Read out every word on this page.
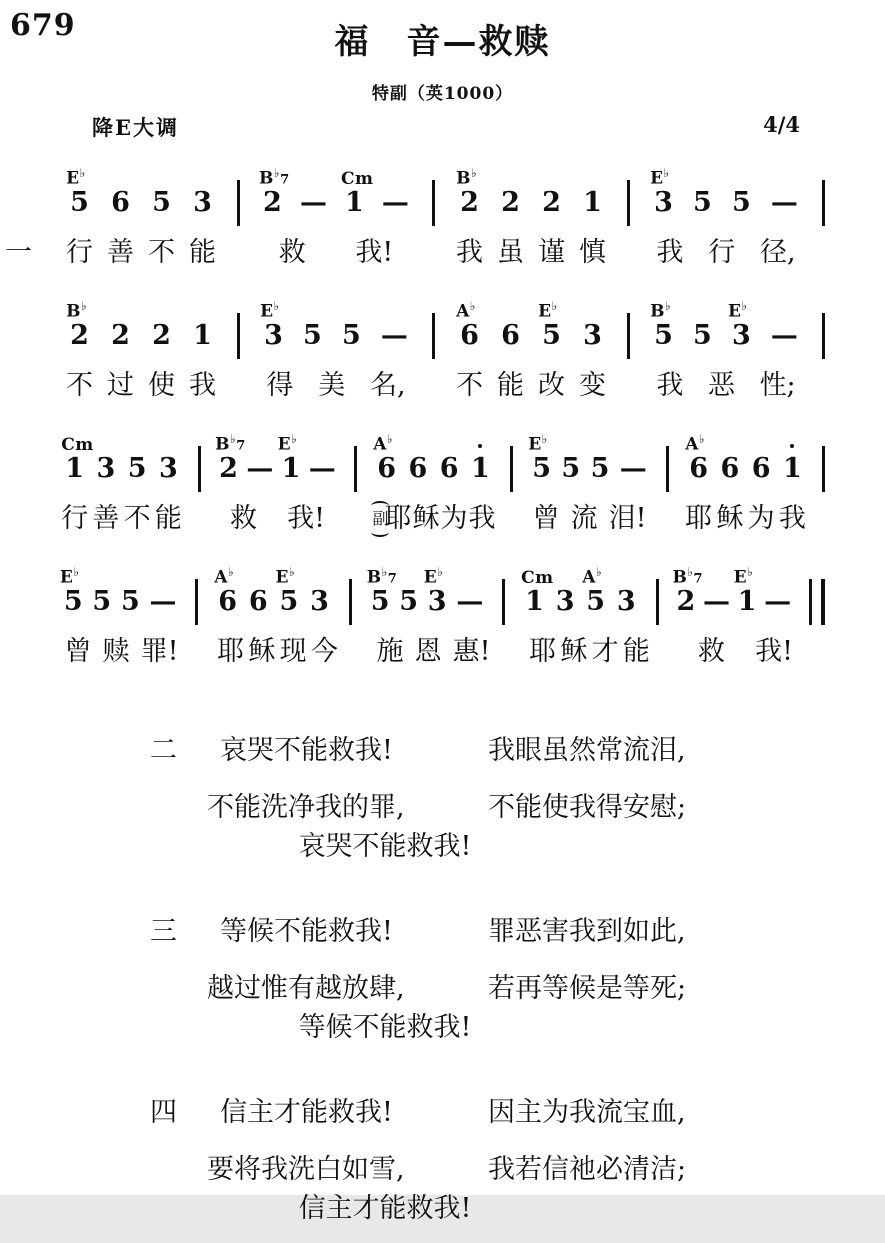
679	福　音—救赎
特副（英1000）
降E大调	4/4
E♭
5 6 5 3
B♭7
2 —
Cm
1 —
B♭
2 2 2 1
E♭
3 5 5 —
一 行 善 不 能 救 我! 我 虽 谨 慎 我 行 径,
B♭
2 2 2 1
E♭
3 5 5 —
A♭
6 6
E♭
5 3
B♭
5 5
E♭
3 —
不 过 使 我 得 美 名, 不 能 改 变 我 恶 性;
Cm
1 3 5 3
B♭7
2 —
E♭
1 —
A♭
6 6 6 1
E♭
5 5 5 —
A♭
6 6 6 1
行 善 不 能 救 我!	副
耶 稣 为 我 曾 流 泪! 耶 稣 为 我
E♭
5 5 5 —
A♭
6 6
E♭
5 3
B♭7
5 5
E♭
3 —
Cm
1 3
A♭
5 3
B♭7
2 —
E♭
1 —
曾 赎 罪! 耶 稣 现 今 施 恩 惠! 耶 稣 才 能 救 我!
二	哀哭不能救我!	我眼虽然常流泪,
不能洗净我的罪,	不能使我得安慰;
哀哭不能救我!
三	等候不能救我!	罪恶害我到如此,
越过惟有越放肆,	若再等候是等死;
等候不能救我!
四	信主才能救我!	因主为我流宝血,
要将我洗白如雪,	我若信祂必清洁;
信主才能救我!
